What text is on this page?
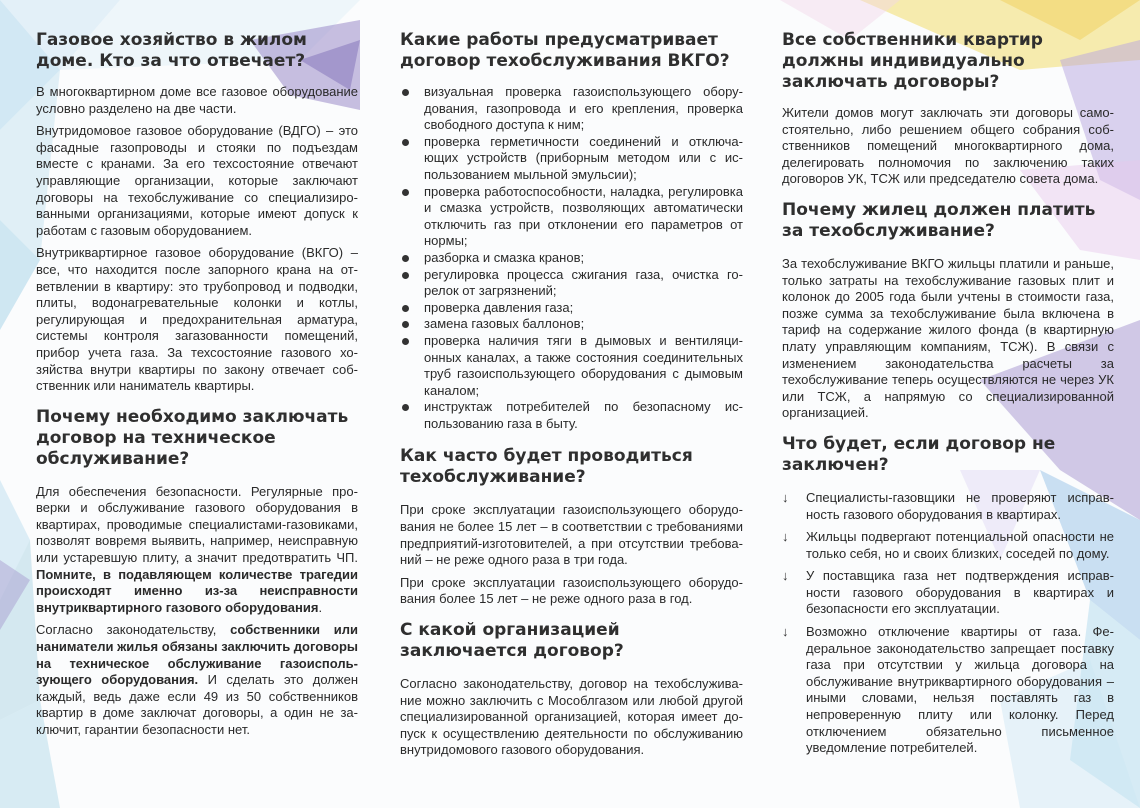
Газовое хозяйство в жилом доме. Кто за что отвечает?

В многоквартирном доме все газовое оборудование условно разделено на две части.

Внутридомовое газовое оборудование (ВДГО) – это фасадные газопроводы и стояки по подъездам вместе с кранами. За его техсостояние отвечают управляющие организации, которые заключают договоры на техобслуживание со специализированными организациями, которые имеют допуск к работам с газовым оборудованием.

Внутриквартирное газовое оборудование (ВКГО) – все, что находится после запорного крана на ответвлении в квартиру: это трубопровод и подводки, плиты, водонагревательные колонки и котлы, регулирующая и предохранительная арматура, системы контроля загазованности помещений, прибор учета газа. За техсостояние газового хозяйства внутри квартиры по закону отвечает собственник или наниматель квартиры.

Почему необходимо заключать договор на техническое обслуживание?

Для обеспечения безопасности. Регулярные проверки и обслуживание газового оборудования в квартирах, проводимые специалистами-газовиками, позволят вовремя выявить, например, неисправную или устаревшую плиту, а значит предотвратить ЧП. Помните, в подавляющем количестве трагедии происходят именно из-за неисправности внутриквартирного газового оборудования.

Согласно законодательству, собственники или наниматели жилья обязаны заключить договоры на техническое обслуживание газоиспользующего оборудования. И сделать это должен каждый, ведь даже если 49 из 50 собственников квартир в доме заключат договоры, а один не заключит, гарантии безопасности нет.

Какие работы предусматривает договор техобслуживания ВКГО?
визуальная проверка газоиспользующего оборудования, газопровода и его крепления, проверка свободного доступа к ним;
проверка герметичности соединений и отключающих устройств (приборным методом или с использованием мыльной эмульсии);
проверка работоспособности, наладка, регулировка и смазка устройств, позволяющих автоматически отключить газ при отклонении его параметров от нормы;
разборка и смазка кранов;
регулировка процесса сжигания газа, очистка горелок от загрязнений;
проверка давления газа;
замена газовых баллонов;
проверка наличия тяги в дымовых и вентиляционных каналах, а также состояния соединительных труб газоиспользующего оборудования с дымовым каналом;
инструктаж потребителей по безопасному использованию газа в быту.
Как часто будет проводиться техобслуживание?

При сроке эксплуатации газоиспользующего оборудования не более 15 лет – в соответствии с требованиями предприятий-изготовителей, а при отсутствии требований – не реже одного раза в три года.

При сроке эксплуатации газоиспользующего оборудования более 15 лет – не реже одного раза в год.

С какой организацией заключается договор?

Согласно законодательству, договор на техобслуживание можно заключить с Мособлгазом или любой другой специализированной организацией, которая имеет допуск к осуществлению деятельности по обслуживанию внутридомового газового оборудования.

Все собственники квартир должны индивидуально заключать договоры?

Жители домов могут заключать эти договоры самостоятельно, либо решением общего собрания собственников помещений многоквартирного дома, делегировать полномочия по заключению таких договоров УК, ТСЖ или председателю совета дома.

Почему жилец должен платить за техобслуживание?

За техобслуживание ВКГО жильцы платили и раньше, только затраты на техобслуживание газовых плит и колонок до 2005 года были учтены в стоимости газа, позже сумма за техобслуживание была включена в тариф на содержание жилого фонда (в квартирную плату управляющим компаниям, ТСЖ). В связи с изменением законодательства расчеты за техобслуживание теперь осуществляются не через УК или ТСЖ, а напрямую со специализированной организацией.

Что будет, если договор не заключен?
↓ Специалисты-газовщики не проверяют исправность газового оборудования в квартирах.
↓ Жильцы подвергают потенциальной опасности не только себя, но и своих близких, соседей по дому.
↓ У поставщика газа нет подтверждения исправности газового оборудования в квартирах и безопасности его эксплуатации.
↓ Возможно отключение квартиры от газа. Федеральное законодательство запрещает поставку газа при отсутствии у жильца договора на обслуживание внутриквартирного оборудования – иными словами, нельзя поставлять газ в непроверенную плиту или колонку. Перед отключением обязательно письменное уведомление потребителей.
